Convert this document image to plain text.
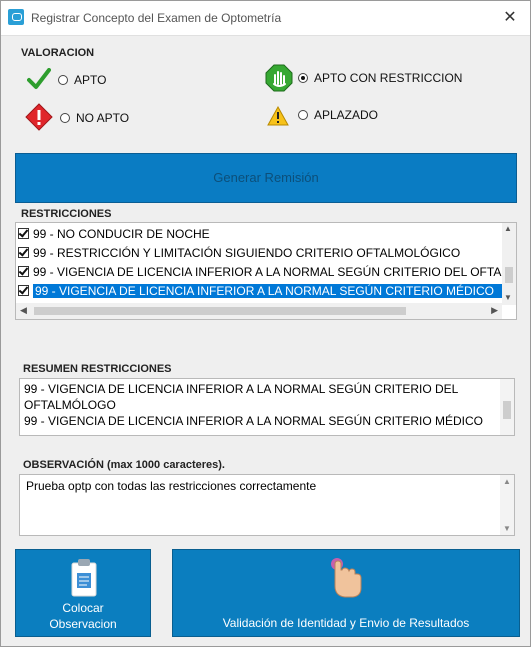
Registrar Concepto del Examen de Optometría	✕
VALORACION
APTO	APTO CON RESTRICCION
NO APTO	APLAZADO
Generar Remisión
RESTRICCIONES
99 - NO CONDUCIR DE NOCHE
99 - RESTRICCIÓN Y LIMITACIÓN SIGUIENDO CRITERIO OFTALMOLÓGICO
99 - VIGENCIA DE LICENCIA INFERIOR A LA NORMAL SEGÚN CRITERIO DEL OFTA
99 - VIGENCIA DE LICENCIA INFERIOR A LA NORMAL SEGÚN CRITERIO MÉDICO
▲
▼
◀	▶
RESUMEN RESTRICCIONES
99 - VIGENCIA DE LICENCIA INFERIOR A LA NORMAL SEGÚN CRITERIO DEL
OFTALMÓLOGO
99 - VIGENCIA DE LICENCIA INFERIOR A LA NORMAL SEGÚN CRITERIO MÉDICO
OBSERVACIÓN (max 1000 caracteres).
Prueba optp con todas las restricciones correctamente	▲
▼
Colocar
Observacion	Validación de Identidad y Envio de Resultados
